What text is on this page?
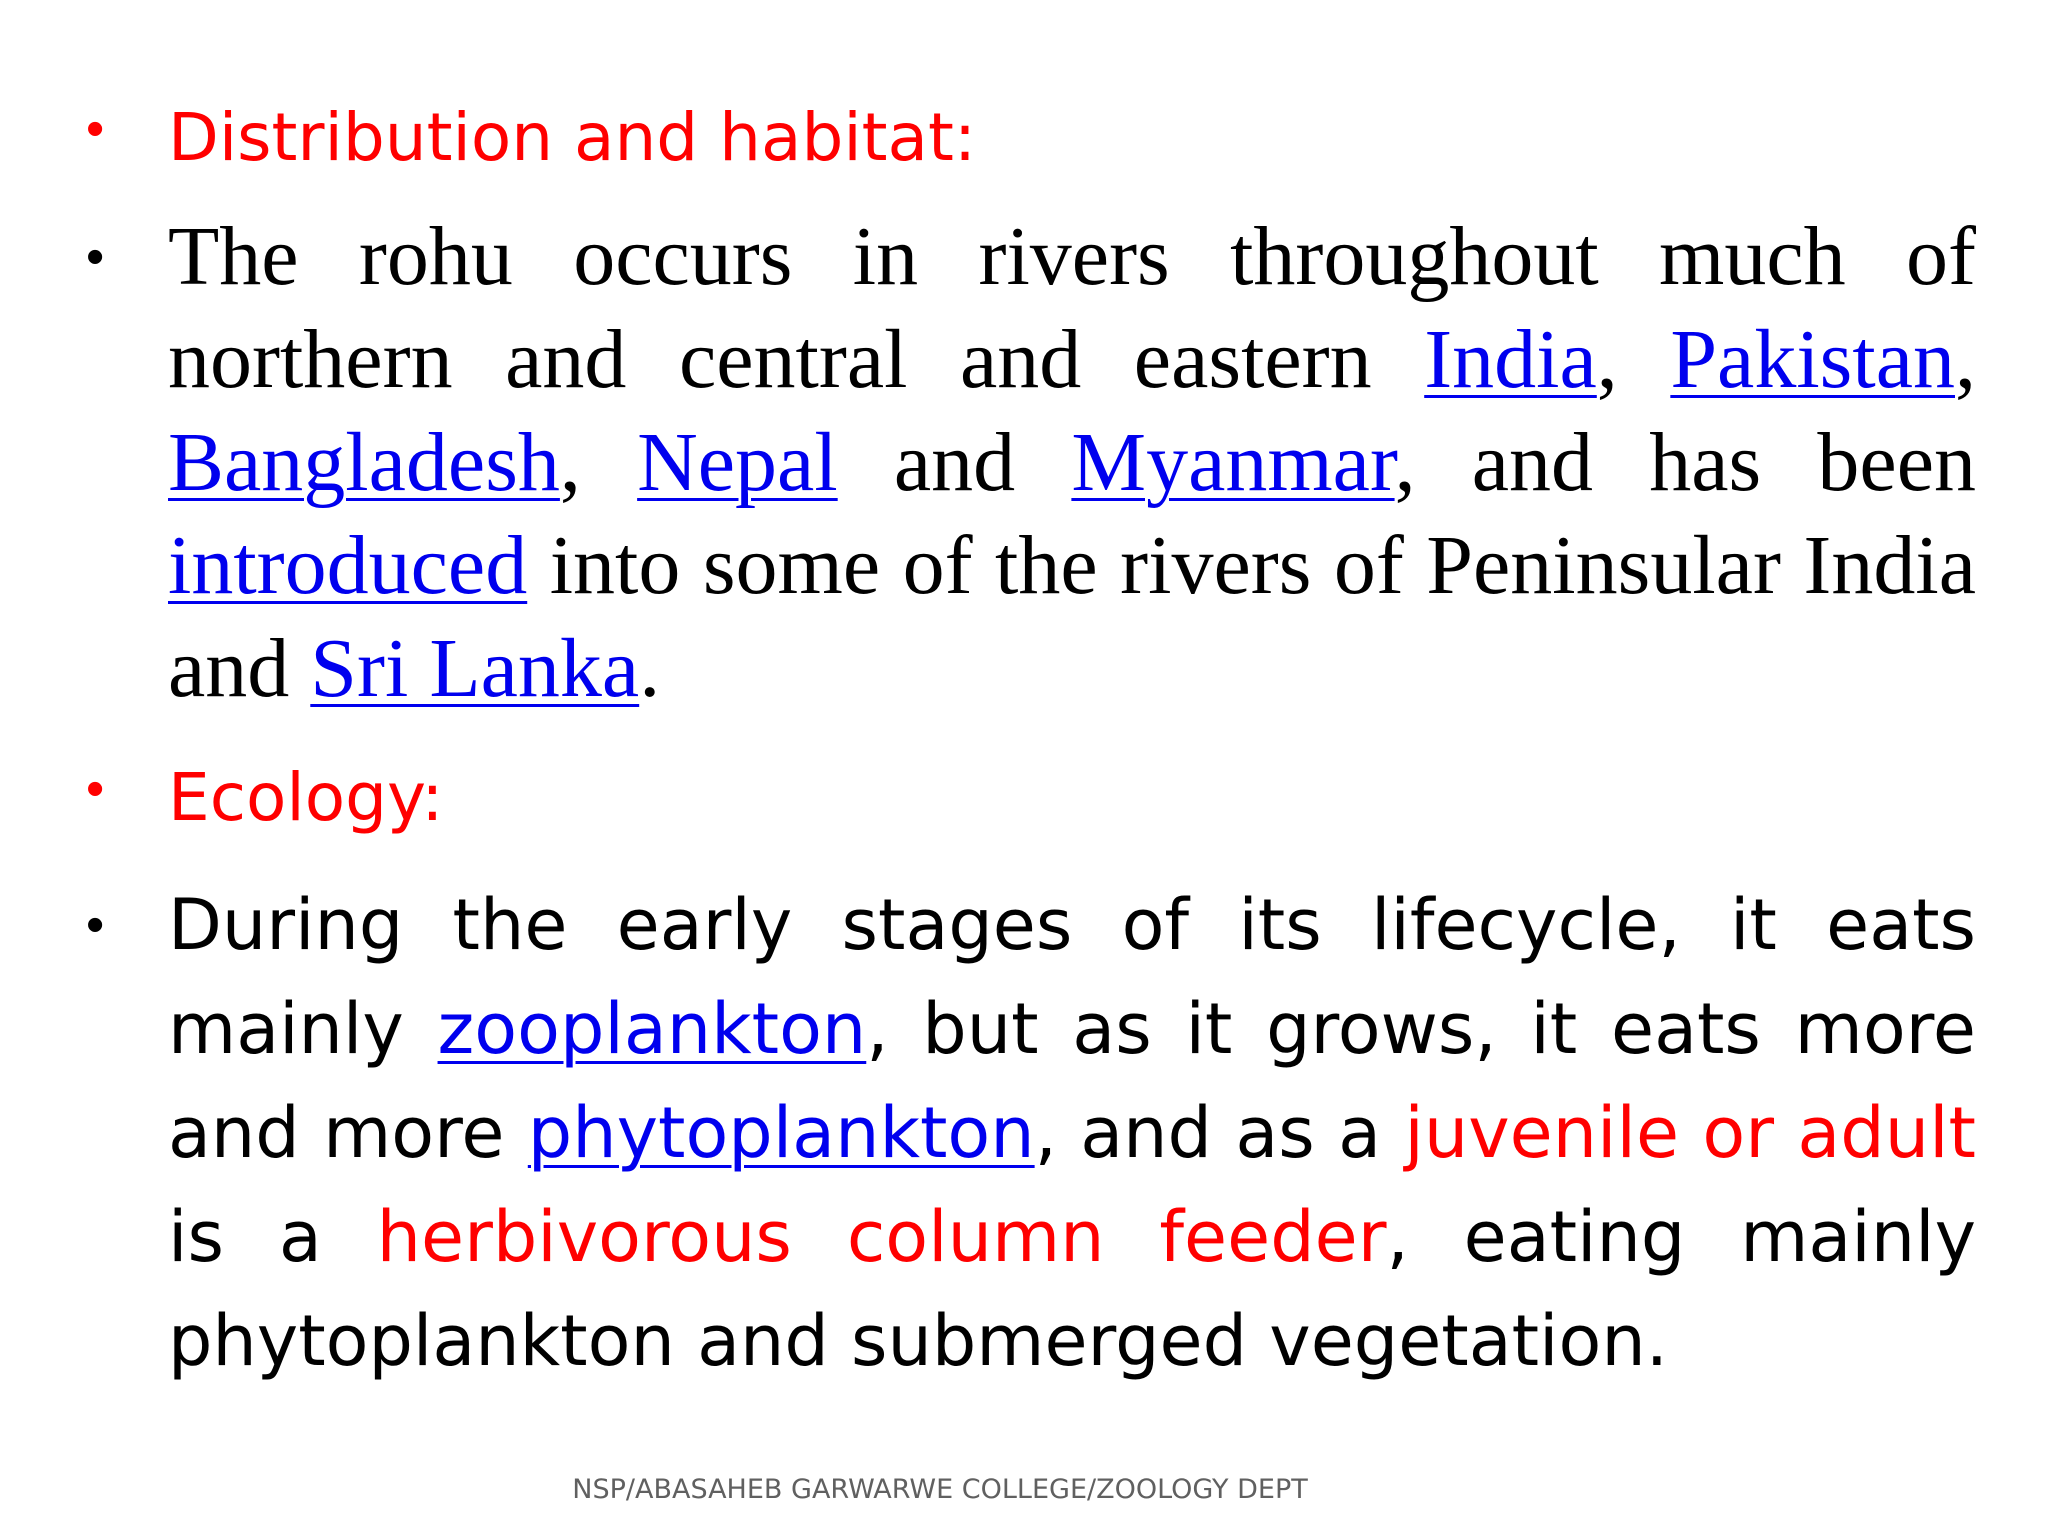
• Distribution and habitat:
• The rohu occurs in rivers throughout much of northern and central and eastern India, Pakistan, Bangladesh, Nepal and Myanmar, and has been introduced into some of the rivers of Peninsular India and Sri Lanka.
• Ecology:
• During the early stages of its lifecycle, it eats mainly zooplankton, but as it grows, it eats more and more phytoplankton, and as a juvenile or adult is a herbivorous column feeder, eating mainly phytoplankton and submerged vegetation.
NSP/ABASAHEB GARWARWE COLLEGE/ZOOLOGY DEPT
